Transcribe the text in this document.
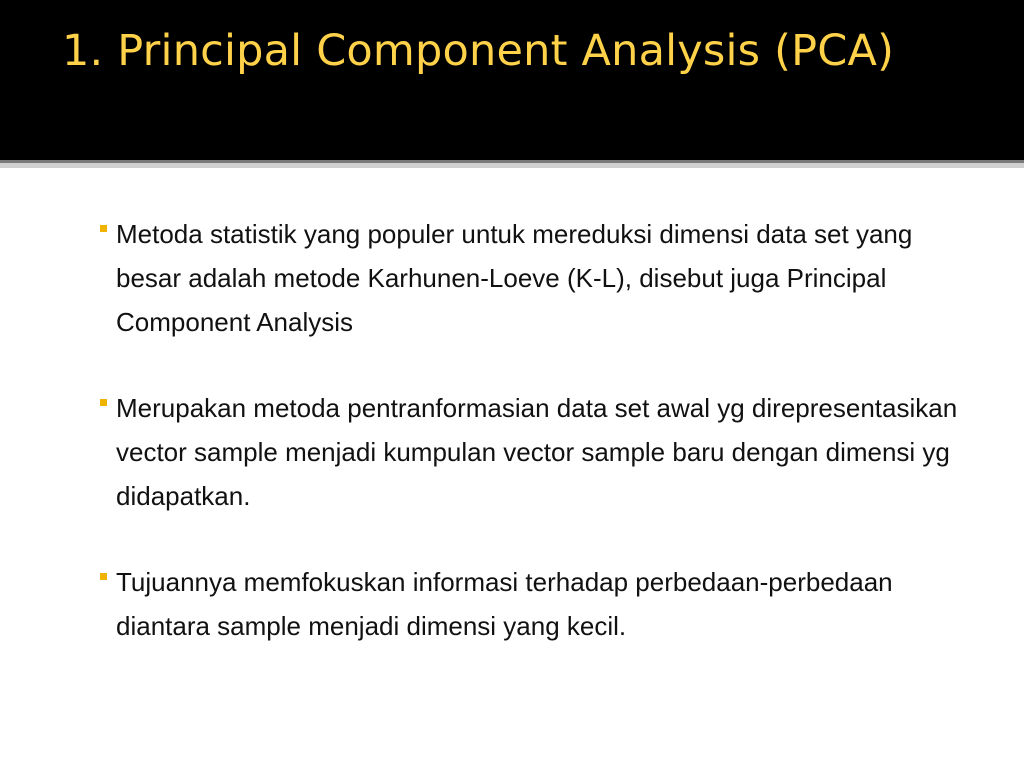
1. Principal Component Analysis (PCA)
Metoda statistik yang populer untuk mereduksi dimensi data set yang besar adalah metode Karhunen-Loeve (K-L), disebut juga Principal Component Analysis
Merupakan metoda pentranformasian data set awal yg direpresentasikan vector sample menjadi kumpulan vector sample baru dengan dimensi yg didapatkan.
Tujuannya memfokuskan informasi terhadap perbedaan-perbedaan diantara sample menjadi dimensi yang kecil.
